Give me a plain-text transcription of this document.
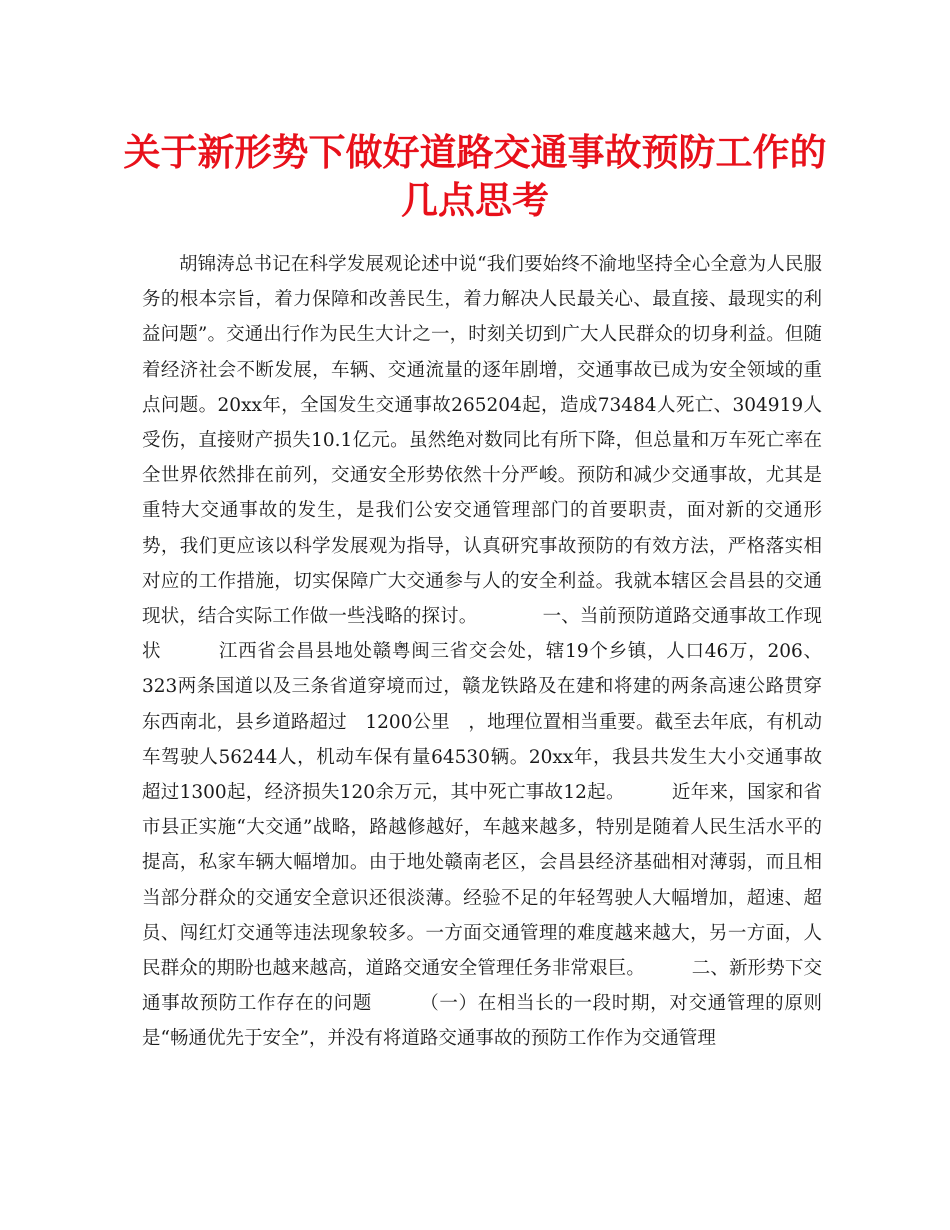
关于新形势下做好道路交通事故预防工作的
几点思考

胡锦涛总书记在科学发展观论述中说“我们要始终不渝地坚持全心全意为人民服务的根本宗旨，着力保障和改善民生，着力解决人民最关心、最直接、最现实的利益问题”。交通出行作为民生大计之一，时刻关切到广大人民群众的切身利益。但随着经济社会不断发展，车辆、交通流量的逐年剧增，交通事故已成为安全领域的重点问题。20xx年，全国发生交通事故265204起，造成73484人死亡、304919人受伤，直接财产损失10.1亿元。虽然绝对数同比有所下降，但总量和万车死亡率在全世界依然排在前列，交通安全形势依然十分严峻。预防和减少交通事故，尤其是重特大交通事故的发生，是我们公安交通管理部门的首要职责，面对新的交通形势，我们更应该以科学发展观为指导，认真研究事故预防的有效方法，严格落实相对应的工作措施，切实保障广大交通参与人的安全利益。我就本辖区会昌县的交通现状，结合实际工作做一些浅略的探讨。　　　　一、当前预防道路交通事故工作现状　　　江西省会昌县地处赣粤闽三省交会处，辖19个乡镇，人口46万，206、323两条国道以及三条省道穿境而过，赣龙铁路及在建和将建的两条高速公路贯穿东西南北，县乡道路超过　1200公里　，地理位置相当重要。截至去年底，有机动车驾驶人56244人，机动车保有量64530辆。20xx年，我县共发生大小交通事故超过1300起，经济损失120余万元，其中死亡事故12起。　　　近年来，国家和省市县正实施“大交通”战略，路越修越好，车越来越多，特别是随着人民生活水平的提高，私家车辆大幅增加。由于地处赣南老区，会昌县经济基础相对薄弱，而且相当部分群众的交通安全意识还很淡薄。经验不足的年轻驾驶人大幅增加，超速、超员、闯红灯交通等违法现象较多。一方面交通管理的难度越来越大，另一方面，人民群众的期盼也越来越高，道路交通安全管理任务非常艰巨。　　　二、新形势下交通事故预防工作存在的问题　　　（一）在相当长的一段时期，对交通管理的原则是“畅通优先于安全”，并没有将道路交通事故的预防工作作为交通管理
